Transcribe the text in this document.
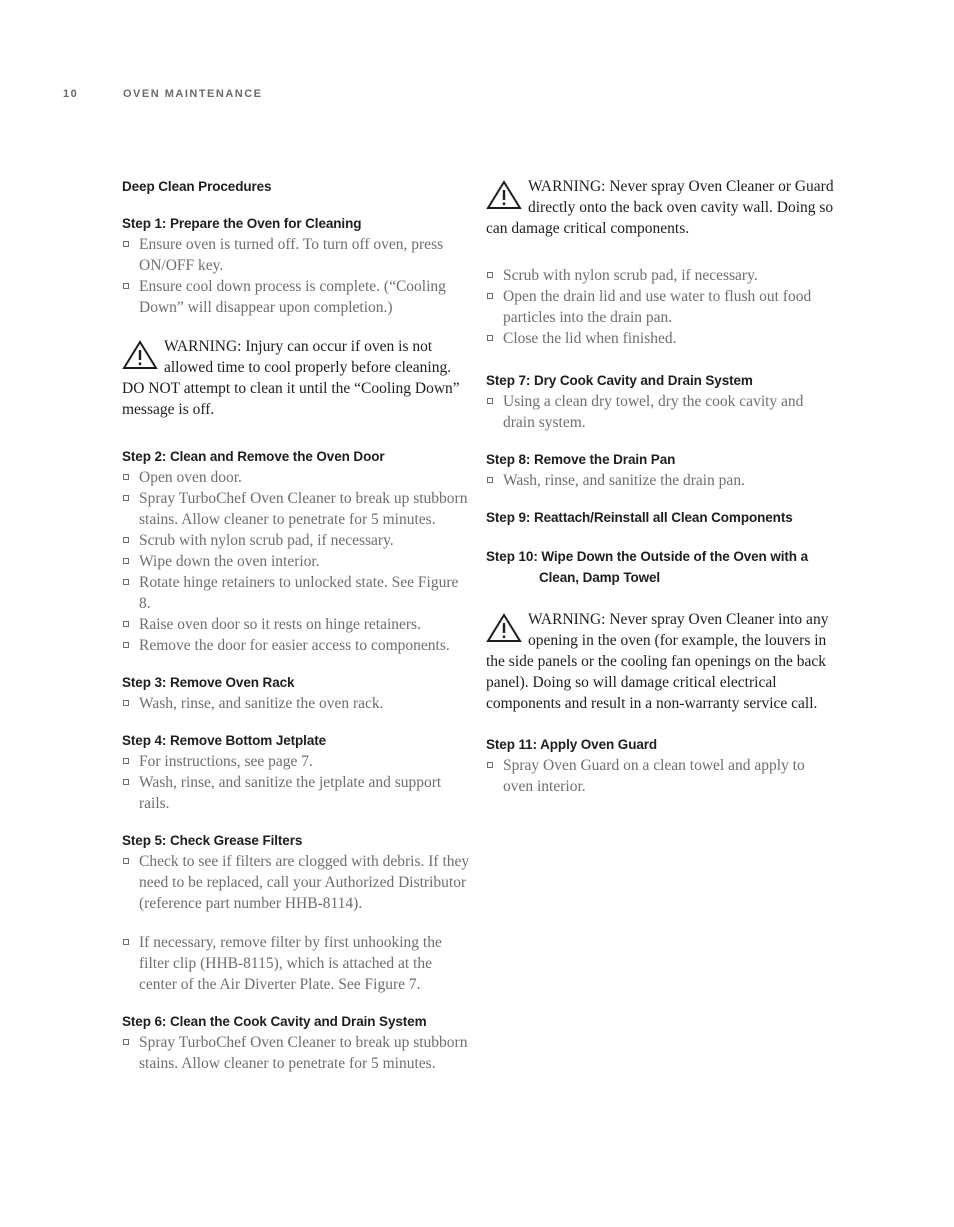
10	OVEN MAINTENANCE
Deep Clean Procedures
Step 1: Prepare the Oven for Cleaning
Ensure oven is turned off. To turn off oven, press ON/OFF key.
Ensure cool down process is complete. (“Cooling Down” will disappear upon completion.)
WARNING: Injury can occur if oven is not allowed time to cool properly before cleaning. DO NOT attempt to clean it until the “Cooling Down” message is off.
Step 2: Clean and Remove the Oven Door
Open oven door.
Spray TurboChef Oven Cleaner to break up stubborn stains. Allow cleaner to penetrate for 5 minutes.
Scrub with nylon scrub pad, if necessary.
Wipe down the oven interior.
Rotate hinge retainers to unlocked state. See Figure 8.
Raise oven door so it rests on hinge retainers.
Remove the door for easier access to components.
Step 3: Remove Oven Rack
Wash, rinse, and sanitize the oven rack.
Step 4: Remove Bottom Jetplate
For instructions, see page 7.
Wash, rinse, and sanitize the jetplate and support rails.
Step 5: Check Grease Filters
Check to see if filters are clogged with debris. If they need to be replaced, call your Authorized Distributor (reference part number HHB-8114).
If necessary, remove filter by first unhooking the filter clip (HHB-8115), which is attached at the center of the Air Diverter Plate. See Figure 7.
Step 6: Clean the Cook Cavity and Drain System
Spray TurboChef Oven Cleaner to break up stubborn stains. Allow cleaner to penetrate for 5 minutes.
WARNING: Never spray Oven Cleaner or Guard directly onto the back oven cavity wall. Doing so can damage critical components.
Scrub with nylon scrub pad, if necessary.
Open the drain lid and use water to flush out food particles into the drain pan.
Close the lid when finished.
Step 7: Dry Cook Cavity and Drain System
Using a clean dry towel, dry the cook cavity and drain system.
Step 8: Remove the Drain Pan
Wash, rinse, and sanitize the drain pan.
Step 9: Reattach/Reinstall all Clean Components
Step 10: Wipe Down the Outside of the Oven with a
Clean, Damp Towel
WARNING: Never spray Oven Cleaner into any opening in the oven (for example, the louvers in the side panels or the cooling fan openings on the back panel). Doing so will damage critical electrical components and result in a non-warranty service call.
Step 11: Apply Oven Guard
Spray Oven Guard on a clean towel and apply to oven interior.
